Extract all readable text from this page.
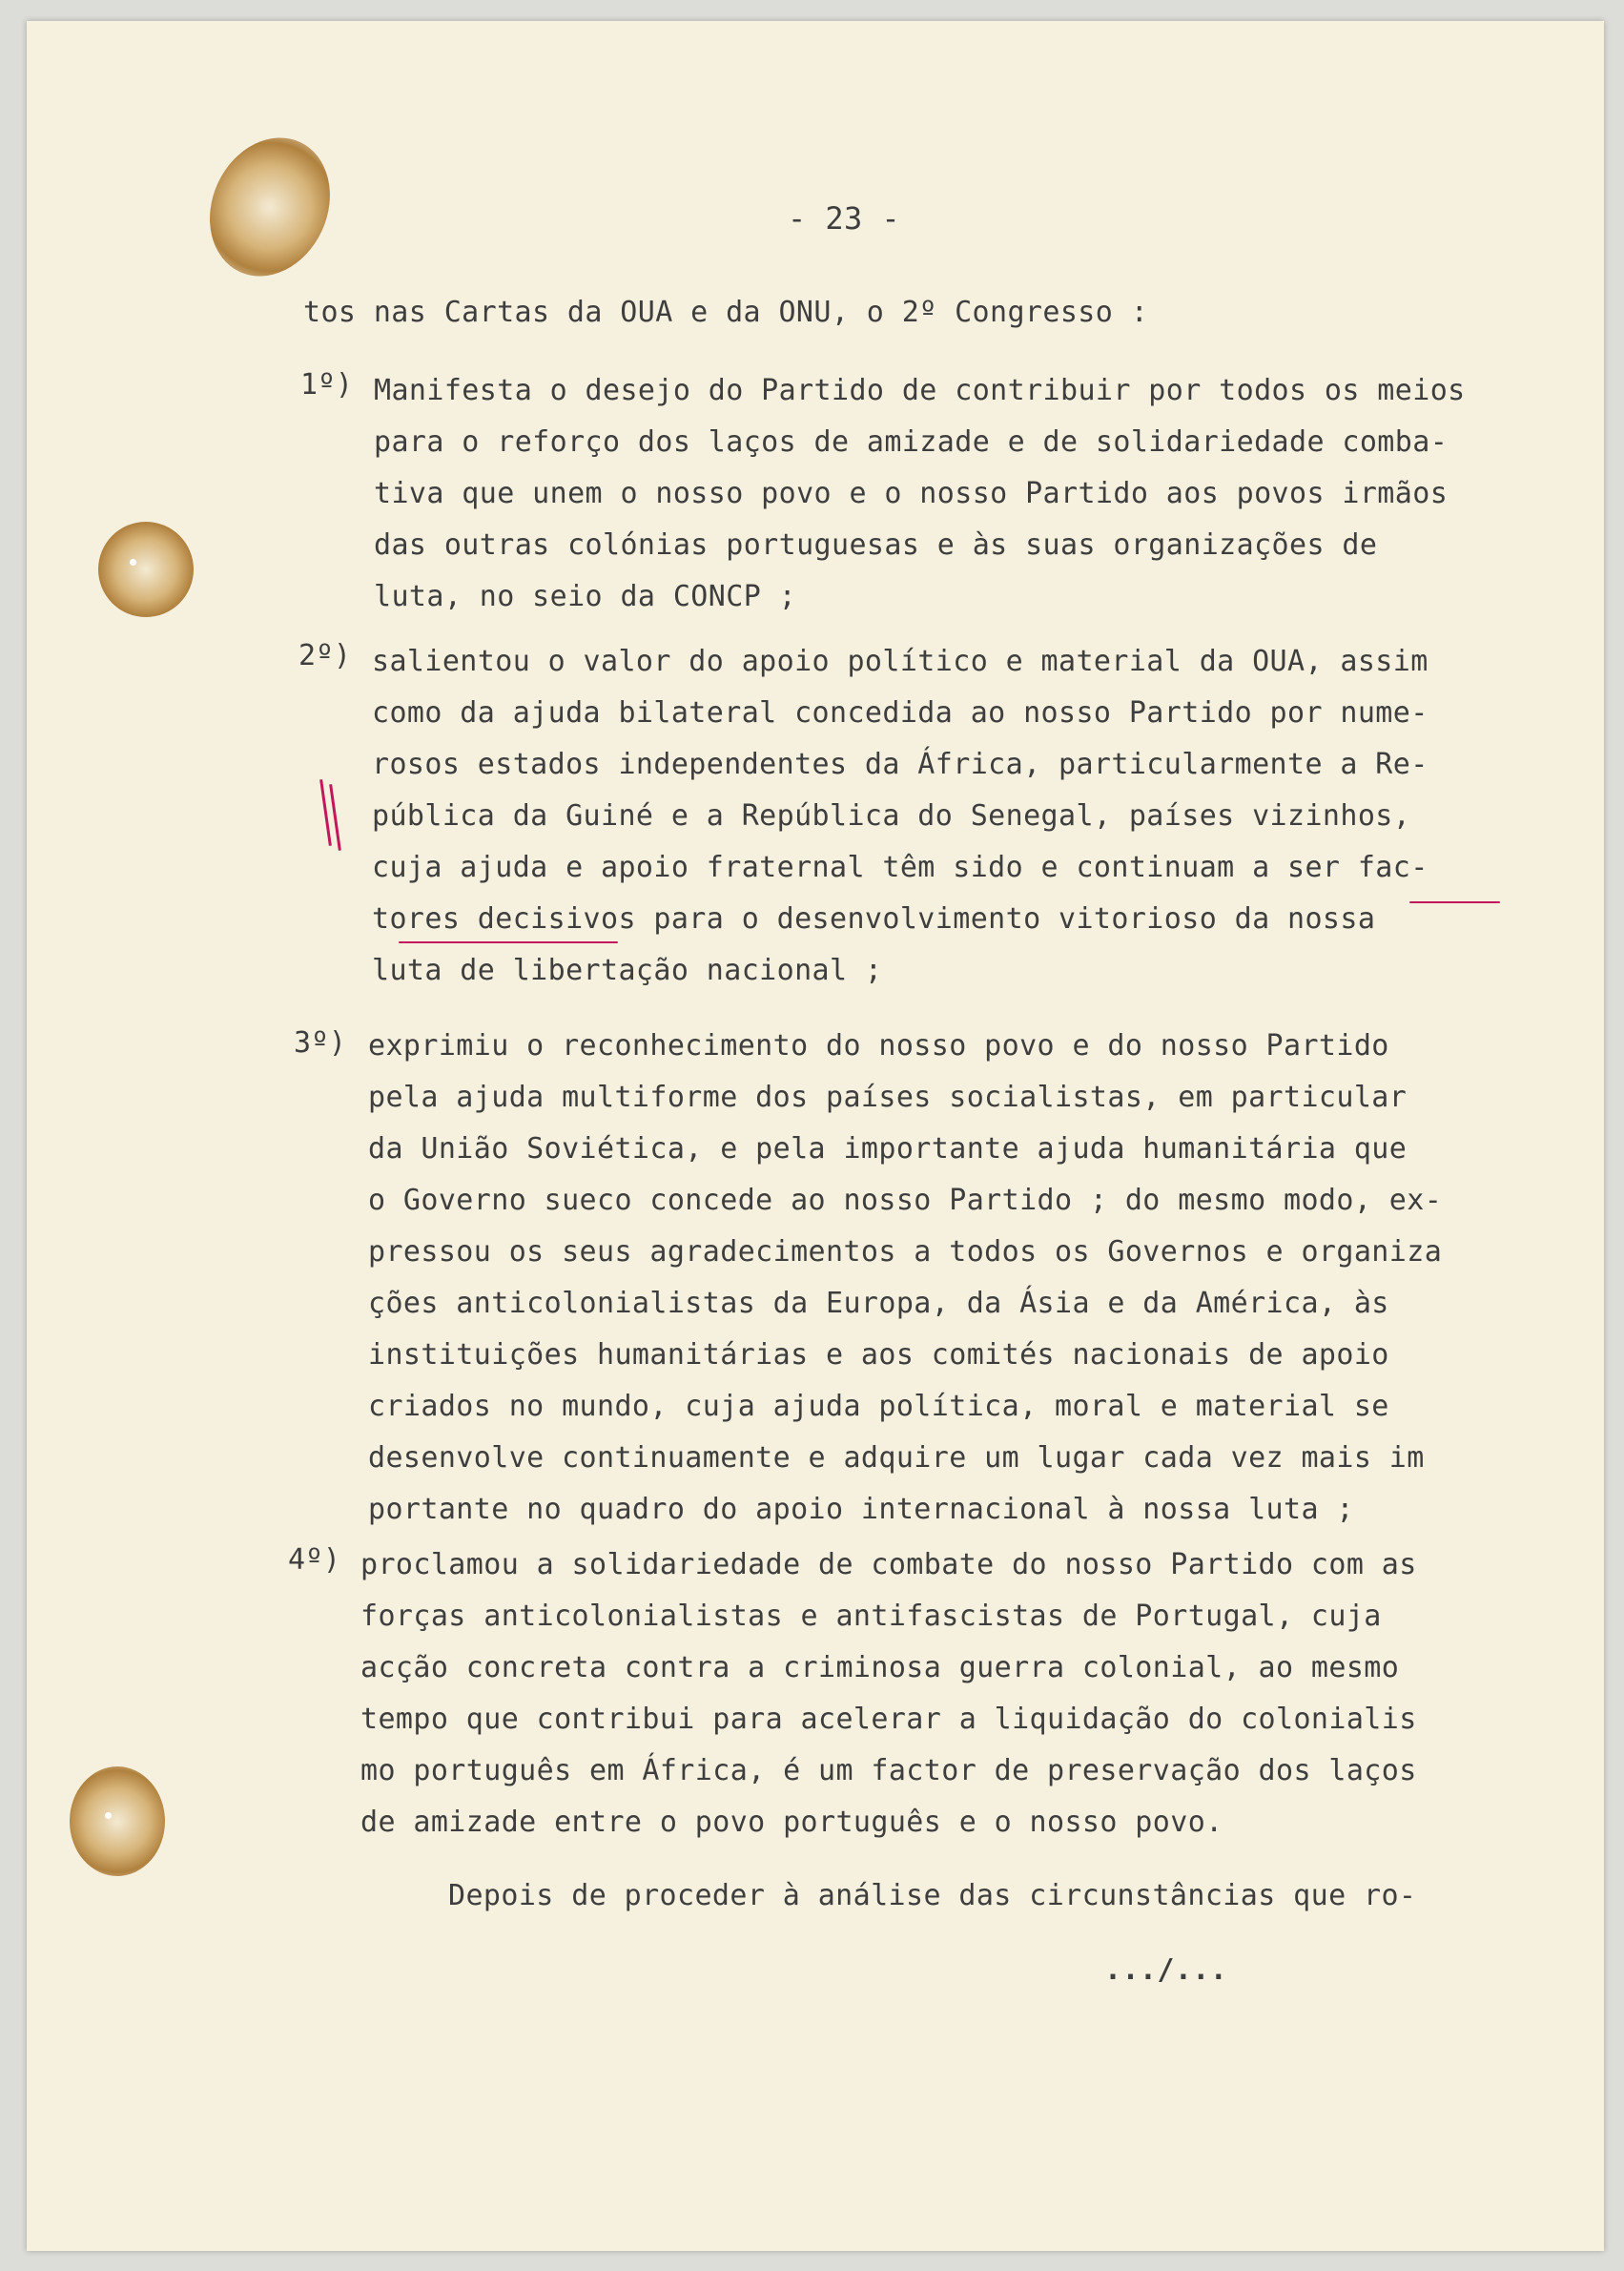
- 23 -
tos nas Cartas da OUA e da ONU, o 2º Congresso :
1º) Manifesta o desejo do Partido de contribuir por todos os meios
para o reforço dos laços de amizade e de solidariedade comba-
tiva que unem o nosso povo e o nosso Partido aos povos irmãos
das outras colónias portuguesas e às suas organizações de
luta, no seio da CONCP ;
2º) salientou o valor do apoio político e material da OUA, assim
como da ajuda bilateral concedida ao nosso Partido por nume-
rosos estados independentes da África, particularmente a Re-
pública da Guiné e a República do Senegal, países vizinhos,
cuja ajuda e apoio fraternal têm sido e continuam a ser fac-
tores decisivos para o desenvolvimento vitorioso da nossa
luta de libertação nacional ;
3º) exprimiu o reconhecimento do nosso povo e do nosso Partido
pela ajuda multiforme dos países socialistas, em particular
da União Soviética, e pela importante ajuda humanitária que
o Governo sueco concede ao nosso Partido ; do mesmo modo, ex-
pressou os seus agradecimentos a todos os Governos e organiza
ções anticolonialistas da Europa, da Ásia e da América, às
instituições humanitárias e aos comités nacionais de apoio
criados no mundo, cuja ajuda política, moral e material se
desenvolve continuamente e adquire um lugar cada vez mais im
portante no quadro do apoio internacional à nossa luta ;
4º) proclamou a solidariedade de combate do nosso Partido com as
forças anticolonialistas e antifascistas de Portugal, cuja
acção concreta contra a criminosa guerra colonial, ao mesmo
tempo que contribui para acelerar a liquidação do colonialis
mo português em África, é um factor de preservação dos laços
de amizade entre o povo português e o nosso povo.
Depois de proceder à análise das circunstâncias que ro-
.../...
